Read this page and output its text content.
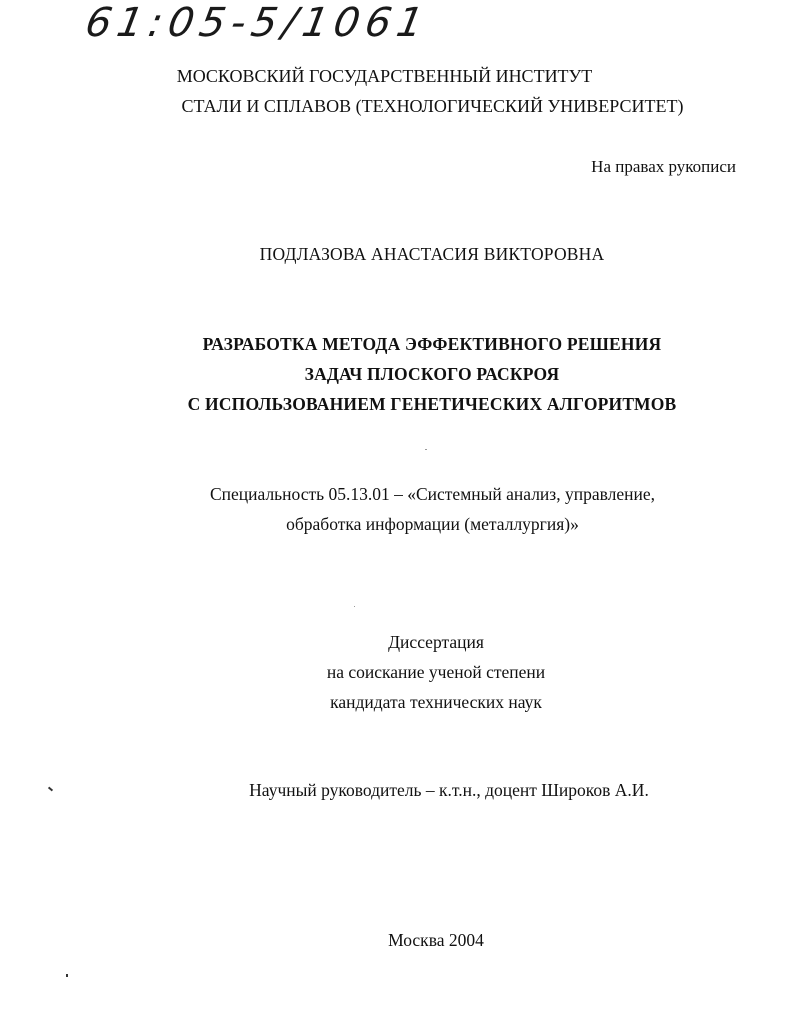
61:05-5/1061
МОСКОВСКИЙ ГОСУДАРСТВЕННЫЙ ИНСТИТУТ
СТАЛИ И СПЛАВОВ (ТЕХНОЛОГИЧЕСКИЙ УНИВЕРСИТЕТ)
На правах рукописи
ПОДЛАЗОВА АНАСТАСИЯ ВИКТОРОВНА
РАЗРАБОТКА МЕТОДА ЭФФЕКТИВНОГО РЕШЕНИЯ
ЗАДАЧ ПЛОСКОГО РАСКРОЯ
С ИСПОЛЬЗОВАНИЕМ ГЕНЕТИЧЕСКИХ АЛГОРИТМОВ
Специальность 05.13.01 – «Системный анализ, управление,
обработка информации (металлургия)»
Диссертация
на соискание ученой степени
кандидата технических наук
Научный руководитель – к.т.н., доцент Широков А.И.
Москва 2004
